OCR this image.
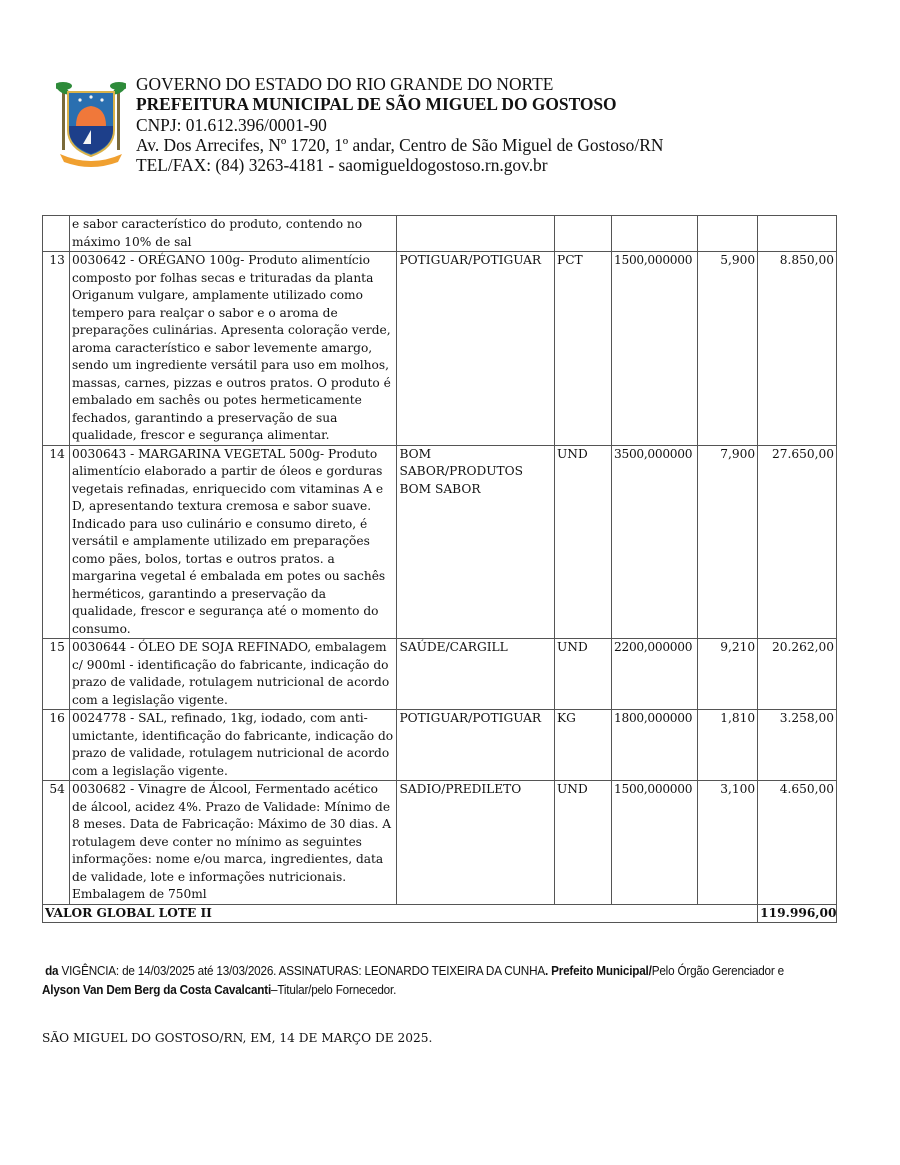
GOVERNO DO ESTADO DO RIO GRANDE DO NORTE
PREFEITURA MUNICIPAL DE SÃO MIGUEL DO GOSTOSO
CNPJ: 01.612.396/0001-90
Av. Dos Arrecifes, Nº 1720, 1º andar, Centro de São Miguel de Gostoso/RN
TEL/FAX: (84) 3263-4181 - saomigueldogostoso.rn.gov.br
	e sabor característico do produto, contendo no máximo 10% de sal					
13	0030642 - ORÉGANO 100g- Produto alimentício composto por folhas secas e trituradas da planta Origanum vulgare, amplamente utilizado como tempero para realçar o sabor e o aroma de preparações culinárias. Apresenta coloração verde, aroma característico e sabor levemente amargo, sendo um ingrediente versátil para uso em molhos, massas, carnes, pizzas e outros pratos. O produto é embalado em sachês ou potes hermeticamente fechados, garantindo a preservação de sua qualidade, frescor e segurança alimentar.	POTIGUAR/POTIGUAR	PCT	1500,000000	5,900	8.850,00
14	0030643 - MARGARINA VEGETAL 500g- Produto alimentício elaborado a partir de óleos e gorduras vegetais refinadas, enriquecido com vitaminas A e D, apresentando textura cremosa e sabor suave. Indicado para uso culinário e consumo direto, é versátil e amplamente utilizado em preparações como pães, bolos, tortas e outros pratos. a margarina vegetal é embalada em potes ou sachês herméticos, garantindo a preservação da qualidade, frescor e segurança até o momento do consumo.	BOM SABOR/PRODUTOS BOM SABOR	UND	3500,000000	7,900	27.650,00
15	0030644 - ÓLEO DE SOJA REFINADO, embalagem c/ 900ml - identificação do fabricante, indicação do prazo de validade, rotulagem nutricional de acordo com a legislação vigente.	SAÚDE/CARGILL	UND	2200,000000	9,210	20.262,00
16	0024778 - SAL, refinado, 1kg, iodado, com anti-umictante, identificação do fabricante, indicação do prazo de validade, rotulagem nutricional de acordo com a legislação vigente.	POTIGUAR/POTIGUAR	KG	1800,000000	1,810	3.258,00
54	0030682 - Vinagre de Álcool, Fermentado acético de álcool, acidez 4%. Prazo de Validade: Mínimo de 8 meses. Data de Fabricação: Máximo de 30 dias. A rotulagem deve conter no mínimo as seguintes informações: nome e/ou marca, ingredientes, data de validade, lote e informações nutricionais. Embalagem de 750ml	SADIO/PREDILETO	UND	1500,000000	3,100	4.650,00
VALOR GLOBAL LOTE II						119.996,00
da VIGÊNCIA: de 14/03/2025 até 13/03/2026. ASSINATURAS: LEONARDO TEIXEIRA DA CUNHA. Prefeito Municipal/Pelo Órgão Gerenciador e Alyson Van Dem Berg da Costa Cavalcanti–Titular/pelo Fornecedor.
SÃO MIGUEL DO GOSTOSO/RN, EM, 14 DE MARÇO DE 2025.
